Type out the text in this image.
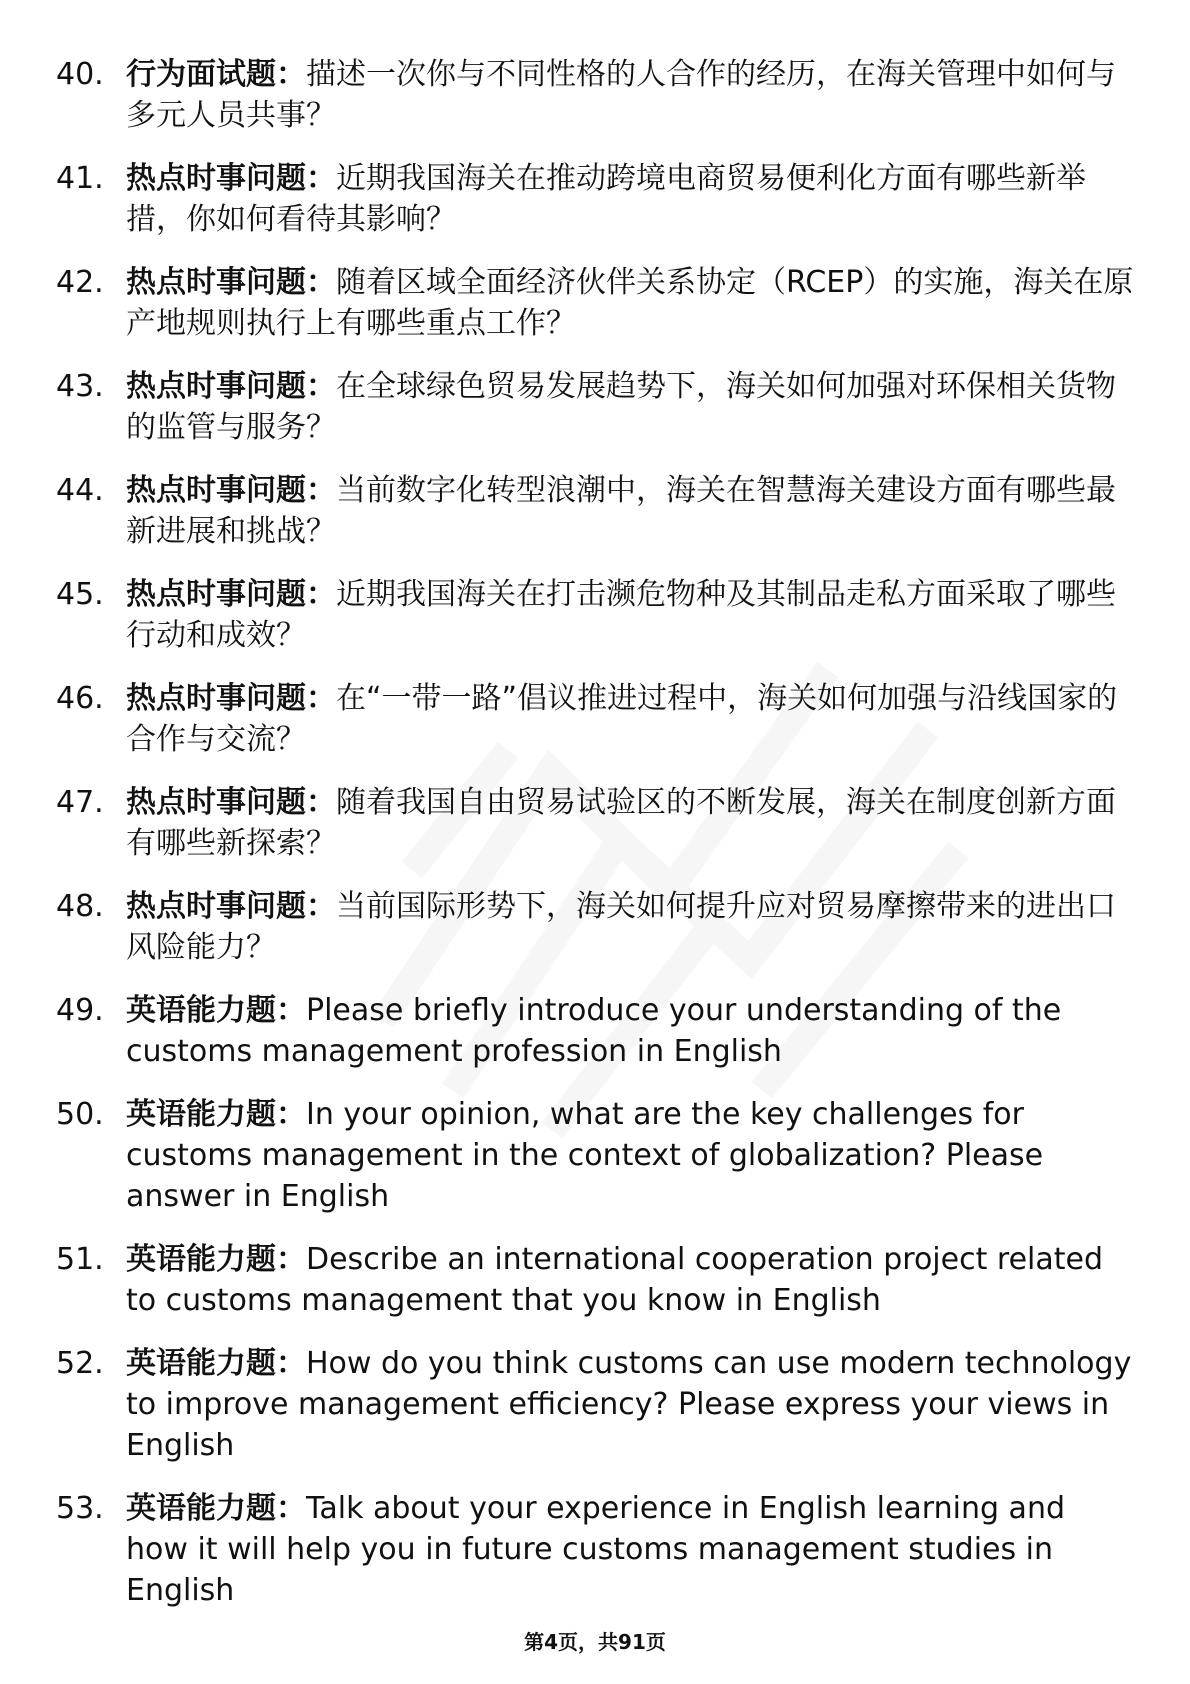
40. 行为面试题：描述一次你与不同性格的人合作的经历，在海关管理中如何与多元人员共事？
41. 热点时事问题：近期我国海关在推动跨境电商贸易便利化方面有哪些新举措，你如何看待其影响？
42. 热点时事问题：随着区域全面经济伙伴关系协定（RCEP）的实施，海关在原产地规则执行上有哪些重点工作？
43. 热点时事问题：在全球绿色贸易发展趋势下，海关如何加强对环保相关货物的监管与服务？
44. 热点时事问题：当前数字化转型浪潮中，海关在智慧海关建设方面有哪些最新进展和挑战？
45. 热点时事问题：近期我国海关在打击濒危物种及其制品走私方面采取了哪些行动和成效？
46. 热点时事问题：在“一带一路”倡议推进过程中，海关如何加强与沿线国家的合作与交流？
47. 热点时事问题：随着我国自由贸易试验区的不断发展，海关在制度创新方面有哪些新探索？
48. 热点时事问题：当前国际形势下，海关如何提升应对贸易摩擦带来的进出口风险能力？
49. 英语能力题：Please briefly introduce your understanding of the customs management profession in English
50. 英语能力题：In your opinion, what are the key challenges for customs management in the context of globalization? Please answer in English
51. 英语能力题：Describe an international cooperation project related to customs management that you know in English
52. 英语能力题：How do you think customs can use modern technology to improve management efficiency? Please express your views in English
53. 英语能力题：Talk about your experience in English learning and how it will help you in future customs management studies in English
第4页，共91页
